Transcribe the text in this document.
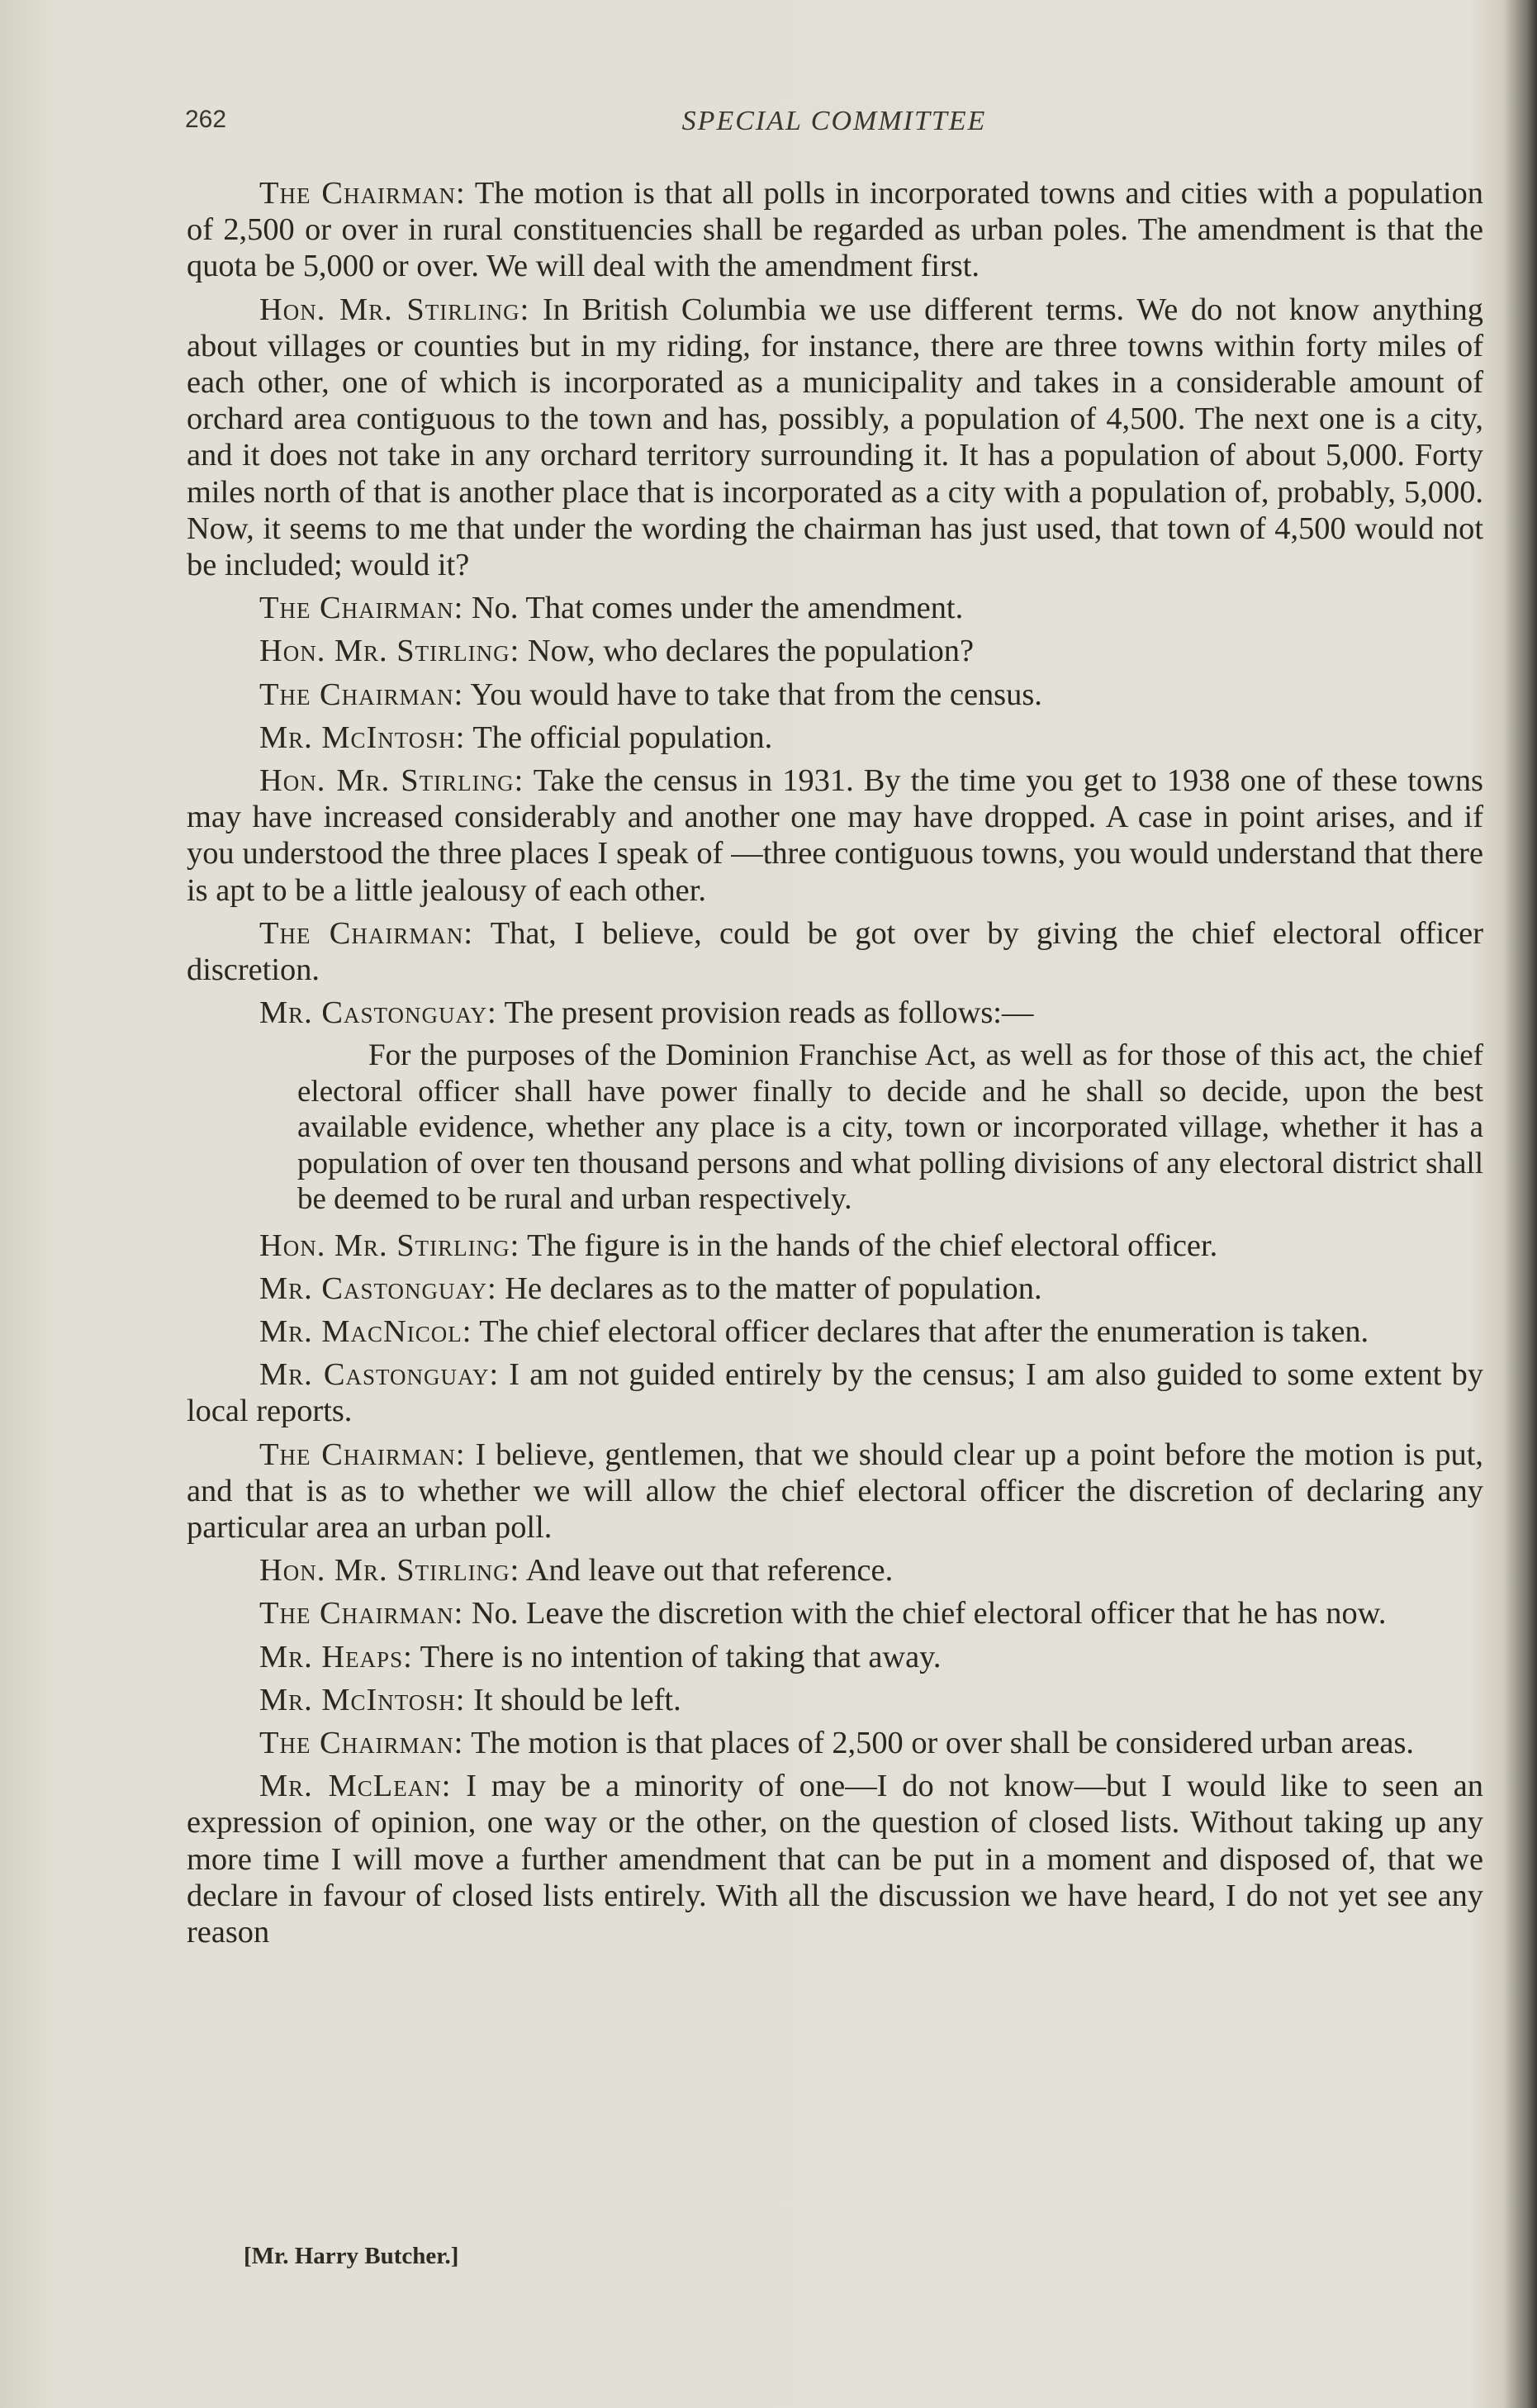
262	SPECIAL COMMITTEE

The Chairman: The motion is that all polls in incorporated towns and cities with a population of 2,500 or over in rural constituencies shall be regarded as urban poles. The amendment is that the quota be 5,000 or over. We will deal with the amendment first.

Hon. Mr. Stirling: In British Columbia we use different terms. We do not know anything about villages or counties but in my riding, for instance, there are three towns within forty miles of each other, one of which is incorporated as a municipality and takes in a considerable amount of orchard area contiguous to the town and has, possibly, a population of 4,500. The next one is a city, and it does not take in any orchard territory surrounding it. It has a population of about 5,000. Forty miles north of that is another place that is incorporated as a city with a population of, probably, 5,000. Now, it seems to me that under the wording the chairman has just used, that town of 4,500 would not be included; would it?

The Chairman: No. That comes under the amendment.

Hon. Mr. Stirling: Now, who declares the population?

The Chairman: You would have to take that from the census.

Mr. McIntosh: The official population.

Hon. Mr. Stirling: Take the census in 1931. By the time you get to 1938 one of these towns may have increased considerably and another one may have dropped. A case in point arises, and if you understood the three places I speak of —three contiguous towns, you would understand that there is apt to be a little jealousy of each other.

The Chairman: That, I believe, could be got over by giving the chief electoral officer discretion.

Mr. Castonguay: The present provision reads as follows:—

For the purposes of the Dominion Franchise Act, as well as for those of this act, the chief electoral officer shall have power finally to decide and he shall so decide, upon the best available evidence, whether any place is a city, town or incorporated village, whether it has a population of over ten thousand persons and what polling divisions of any electoral district shall be deemed to be rural and urban respectively.

Hon. Mr. Stirling: The figure is in the hands of the chief electoral officer.

Mr. Castonguay: He declares as to the matter of population.

Mr. MacNicol: The chief electoral officer declares that after the enumeration is taken.

Mr. Castonguay: I am not guided entirely by the census; I am also guided to some extent by local reports.

The Chairman: I believe, gentlemen, that we should clear up a point before the motion is put, and that is as to whether we will allow the chief electoral officer the discretion of declaring any particular area an urban poll.

Hon. Mr. Stirling: And leave out that reference.

The Chairman: No. Leave the discretion with the chief electoral officer that he has now.

Mr. Heaps: There is no intention of taking that away.

Mr. McIntosh: It should be left.

The Chairman: The motion is that places of 2,500 or over shall be considered urban areas.

Mr. McLean: I may be a minority of one—I do not know—but I would like to seen an expression of opinion, one way or the other, on the question of closed lists. Without taking up any more time I will move a further amendment that can be put in a moment and disposed of, that we declare in favour of closed lists entirely. With all the discussion we have heard, I do not yet see any reason

[Mr. Harry Butcher.]
